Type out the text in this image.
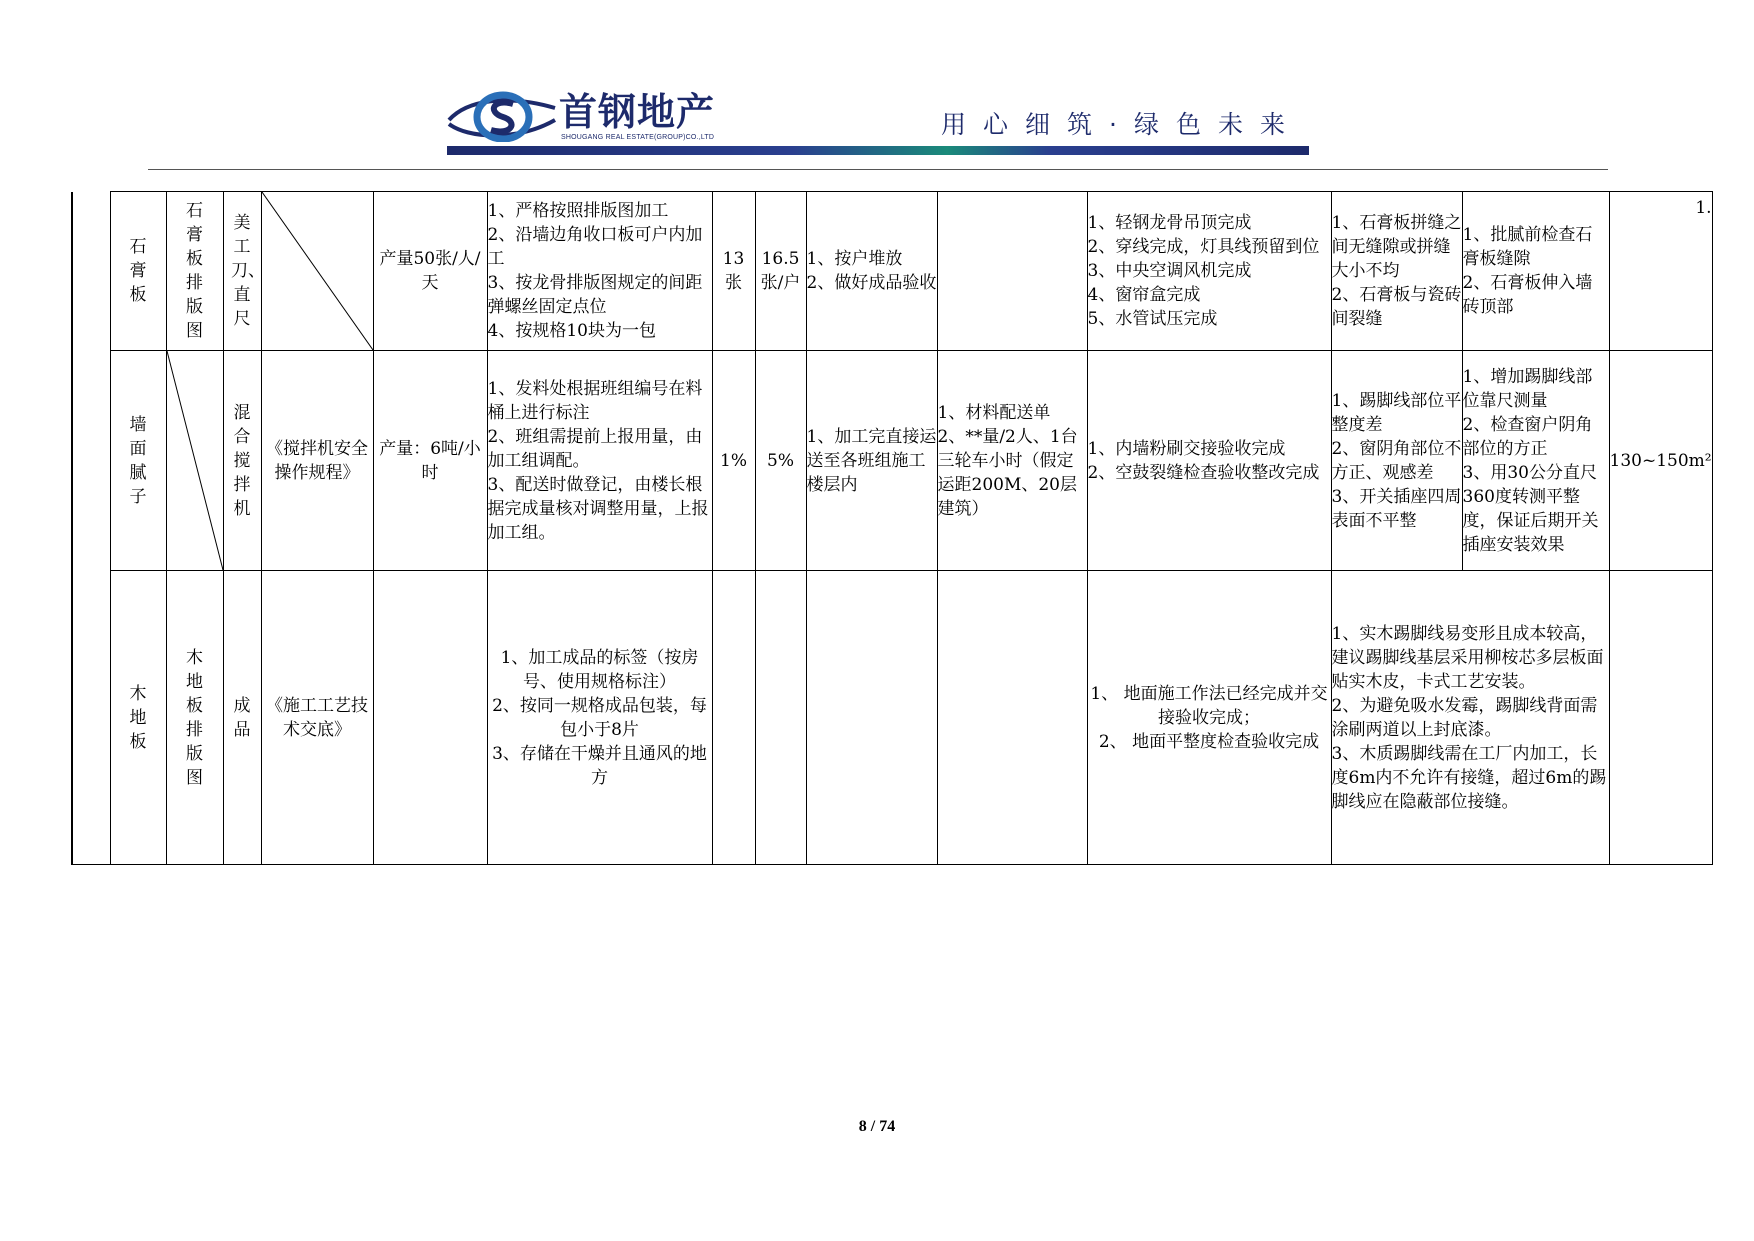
首钢地产
SHOUGANG REAL ESTATE(GROUP)CO.,LTD	用心细筑·绿色未来

	石膏板	石膏板排版图	美工刀、直尺		产量50张/人/天	1、严格按照排版图加工
2、沿墙边角收口板可户内加工
3、按龙骨排版图规定的间距弹螺丝固定点位
4、按规格10块为一包	13张	16.5张/户	1、按户堆放
2、做好成品验收		1、轻钢龙骨吊顶完成
2、穿线完成，灯具线预留到位
3、中央空调风机完成
4、窗帘盒完成
5、水管试压完成	1、石膏板拼缝之间无缝隙或拼缝大小不均
2、石膏板与瓷砖间裂缝	1、批腻前检查石膏板缝隙
2、石膏板伸入墙砖顶部	1.

	墙面腻子		混合搅拌机	《搅拌机安全操作规程》	产量：6吨/小时	1、发料处根据班组编号在料桶上进行标注
2、班组需提前上报用量，由加工组调配。
3、配送时做登记，由楼长根据完成量核对调整用量，上报加工组。	1%	5%	1、加工完直接运送至各班组施工楼层内	1、材料配送单
2、**量/2人、1台三轮车小时（假定运距200M、20层建筑）	1、内墙粉刷交接验收完成
2、空鼓裂缝检查验收整改完成	1、踢脚线部位平整度差
2、窗阴角部位不方正、观感差 3、开关插座四周表面不平整	1、增加踢脚线部位靠尺测量
2、检查窗户阴角部位的方正
3、用30公分直尺360度转测平整度，保证后期开关插座安装效果	130~150m²

	木地板	木地板排版图	成品	《施工工艺技术交底》		1、加工成品的标签（按房号、使用规格标注）
2、按同一规格成品包装，每包小于8片
3、存储在干燥并且通风的地方					1、 地面施工作法已经完成并交接验收完成；
2、 地面平整度检查验收完成	1、实木踢脚线易变形且成本较高，建议踢脚线基层采用柳桉芯多层板面贴实木皮，卡式工艺安装。
2、为避免吸水发霉，踢脚线背面需涂刷两道以上封底漆。
3、木质踢脚线需在工厂内加工，长度6m内不允许有接缝，超过6m的踢脚线应在隐蔽部位接缝。		
8 / 74
